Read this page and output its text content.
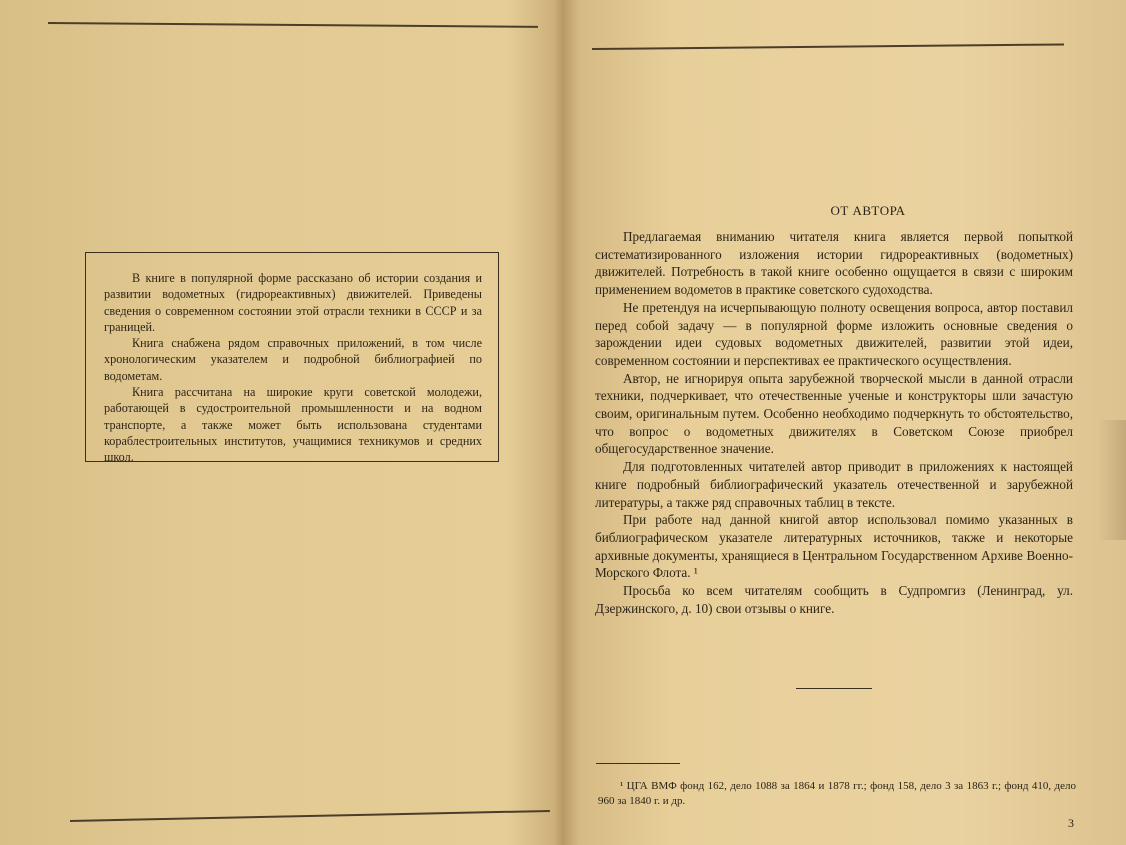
В книге в популярной форме рассказано об истории создания и развитии водометных (гидрореактивных) движителей. Приведены сведения о современном состоянии этой отрасли техники в СССР и за границей.

Книга снабжена рядом справочных приложений, в том числе хронологическим указателем и подробной библиографией по водометам.

Книга рассчитана на широкие круги советской молодежи, работающей в судостроительной промышленности и на водном транспорте, а также может быть использована студентами кораблестроительных институтов, учащимися техникумов и средних школ.

ОТ АВТОРА

Предлагаемая вниманию читателя книга является первой попыткой систематизированного изложения истории гидрореактивных (водометных) движителей. Потребность в такой книге особенно ощущается в связи с широким применением водометов в практике советского судоходства.

Не претендуя на исчерпывающую полноту освещения вопроса, автор поставил перед собой задачу — в популярной форме изложить основные сведения о зарождении идеи судовых водометных движителей, развитии этой идеи, современном состоянии и перспективах ее практического осуществления.

Автор, не игнорируя опыта зарубежной творческой мысли в данной отрасли техники, подчеркивает, что отечественные ученые и конструкторы шли зачастую своим, оригинальным путем. Особенно необходимо подчеркнуть то обстоятельство, что вопрос о водометных движителях в Советском Союзе приобрел общегосударственное значение.

Для подготовленных читателей автор приводит в приложениях к настоящей книге подробный библиографический указатель отечественной и зарубежной литературы, а также ряд справочных таблиц в тексте.

При работе над данной книгой автор использовал помимо указанных в библиографическом указателе литературных источников, также и некоторые архивные документы, хранящиеся в Центральном Государственном Архиве Военно-Морского Флота. ¹

Просьба ко всем читателям сообщить в Судпромгиз (Ленинград, ул. Дзержинского, д. 10) свои отзывы о книге.

¹ ЦГА ВМФ фонд 162, дело 1088 за 1864 и 1878 гг.; фонд 158, дело 3 за 1863 г.; фонд 410, дело 960 за 1840 г. и др.
3
